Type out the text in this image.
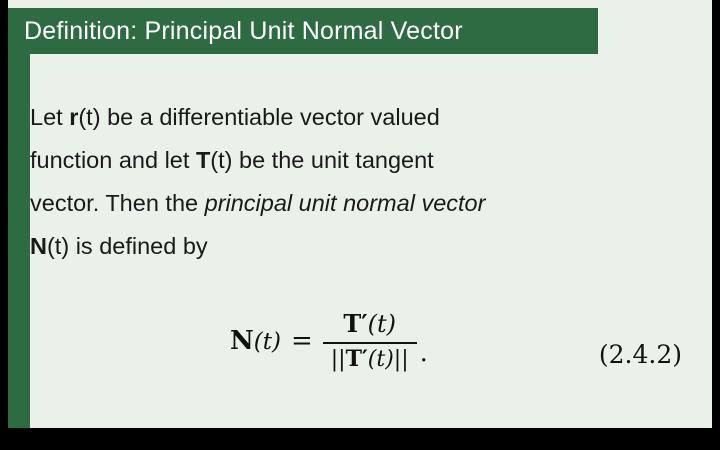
Definition: Principal Unit Normal Vector
Let r(t) be a differentiable vector valued
function and let T(t) be the unit tangent
vector. Then the principal unit normal vector
N(t) is defined by
$N(t) = \frac{T'(t)}{||T'(t)||}$ .	(2.4.2)
